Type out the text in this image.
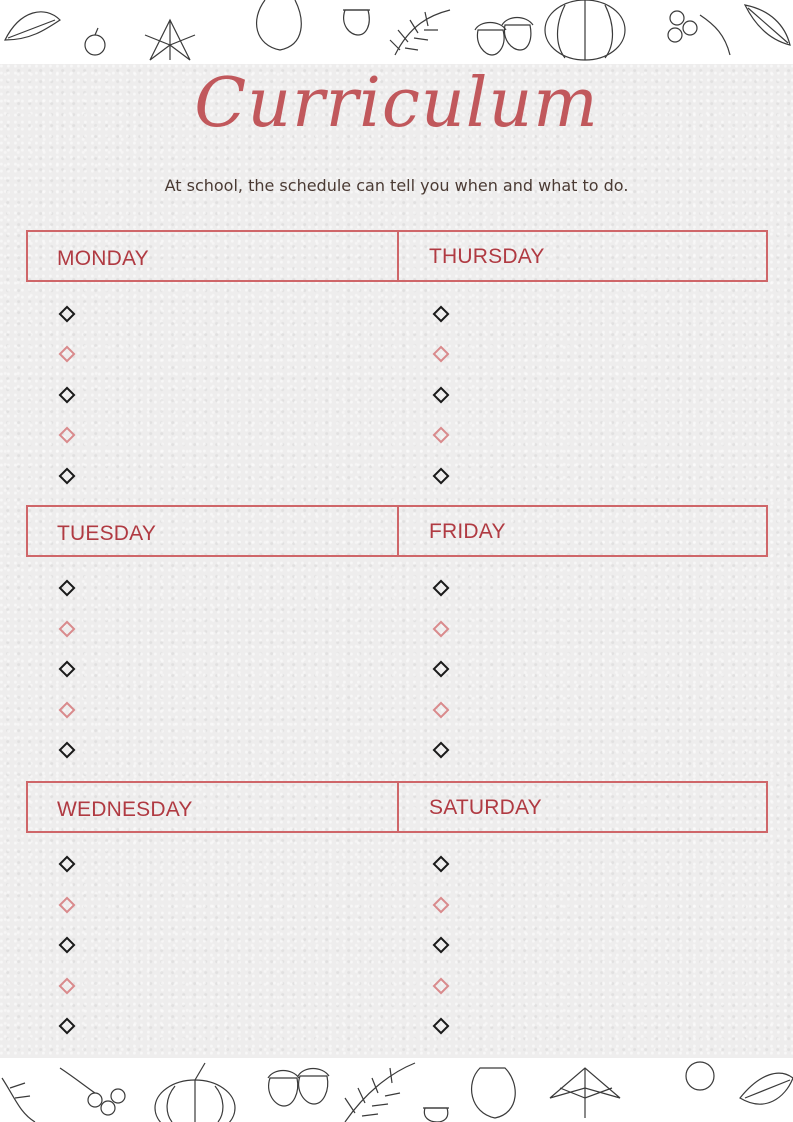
Curriculum
At school, the schedule can tell you when and what to do.
MONDAY	THURSDAY
TUESDAY	FRIDAY
WEDNESDAY	SATURDAY
